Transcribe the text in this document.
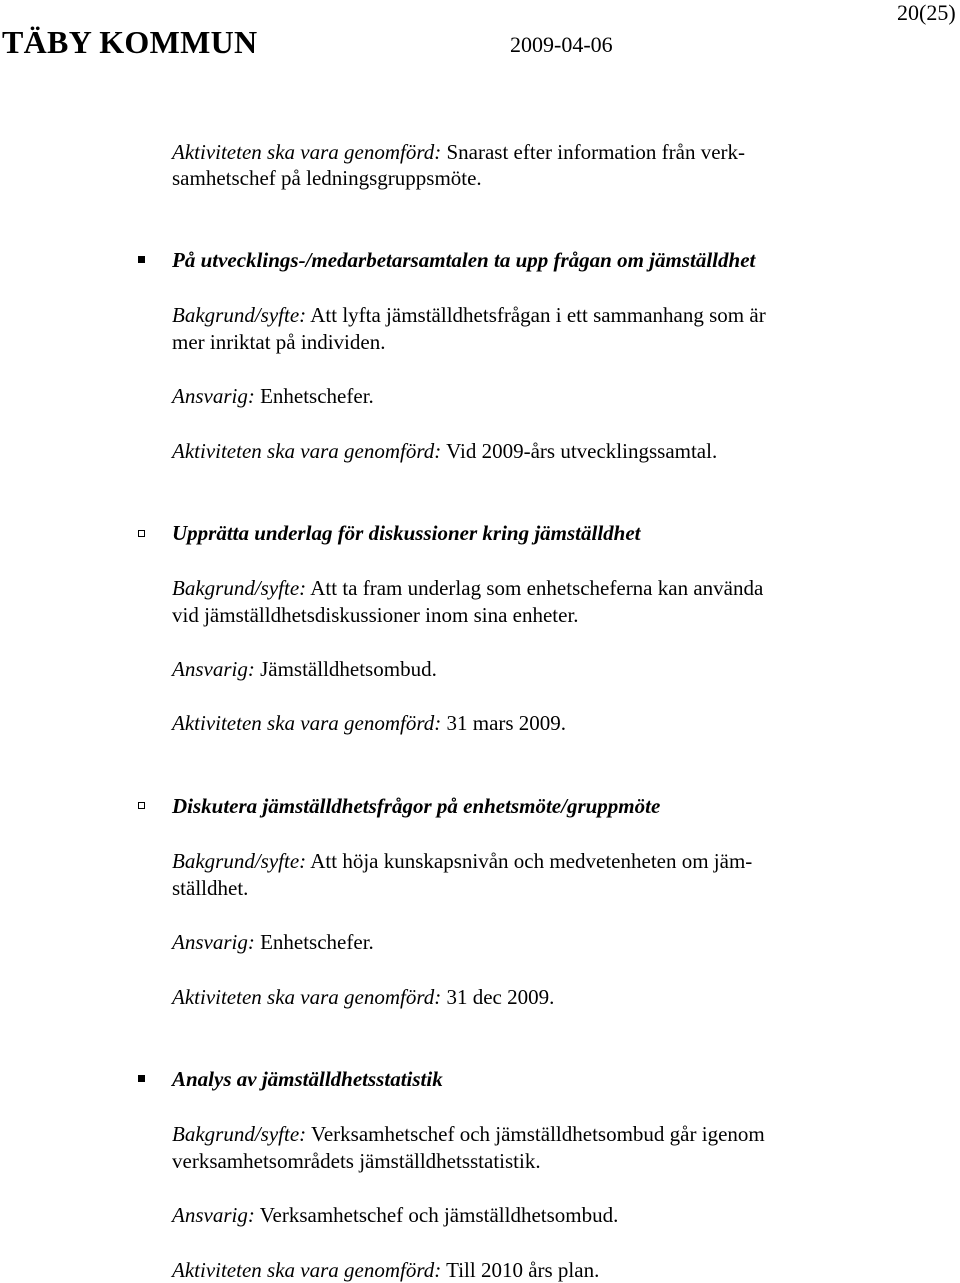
TÄBY KOMMUN	2009-04-06
20(25)
Aktiviteten ska vara genomförd: Snarast efter information från verk-
samhetschef på ledningsgruppsmöte.
På utvecklings-/medarbetarsamtalen ta upp frågan om jämställdhet
Bakgrund/syfte: Att lyfta jämställdhetsfrågan i ett sammanhang som är
mer inriktat på individen.
Ansvarig: Enhetschefer.
Aktiviteten ska vara genomförd: Vid 2009-års utvecklingssamtal.
Upprätta underlag för diskussioner kring jämställdhet
Bakgrund/syfte: Att ta fram underlag som enhetscheferna kan använda
vid jämställdhetsdiskussioner inom sina enheter.
Ansvarig: Jämställdhetsombud.
Aktiviteten ska vara genomförd: 31 mars 2009.
Diskutera jämställdhetsfrågor på enhetsmöte/gruppmöte
Bakgrund/syfte: Att höja kunskapsnivån och medvetenheten om jäm-
ställdhet.
Ansvarig: Enhetschefer.
Aktiviteten ska vara genomförd: 31 dec 2009.
Analys av jämställdhetsstatistik
Bakgrund/syfte: Verksamhetschef och jämställdhetsombud går igenom
verksamhetsområdets jämställdhetsstatistik.
Ansvarig: Verksamhetschef och jämställdhetsombud.
Aktiviteten ska vara genomförd: Till 2010 års plan.
